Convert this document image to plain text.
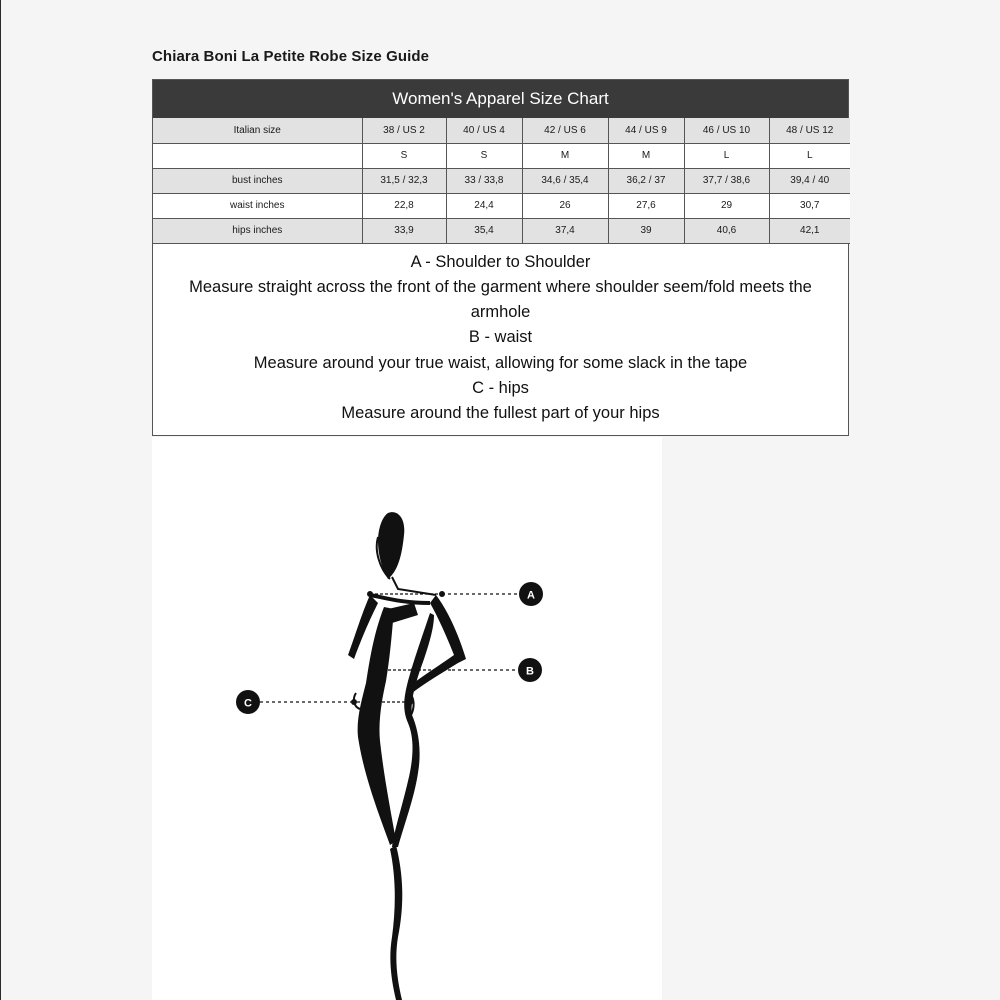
Chiara Boni La Petite Robe Size Guide
Women's Apparel Size Chart
Italian size	38 / US 2	40 / US 4	42 / US 6	44 / US 9	46 / US 10	48 / US 12
	S	S	M	M	L	L
bust inches	31,5 / 32,3	33 / 33,8	34,6 / 35,4	36,2 / 37	37,7 / 38,6	39,4 / 40
waist inches	22,8	24,4	26	27,6	29	30,7
hips inches	33,9	35,4	37,4	39	40,6	42,1
A - Shoulder to Shoulder
Measure straight across the front of the garment where shoulder seem/fold meets the armhole
B - waist
Measure around your true waist, allowing for some slack in the tape
C - hips
Measure around the fullest part of your hips
A
B
C
